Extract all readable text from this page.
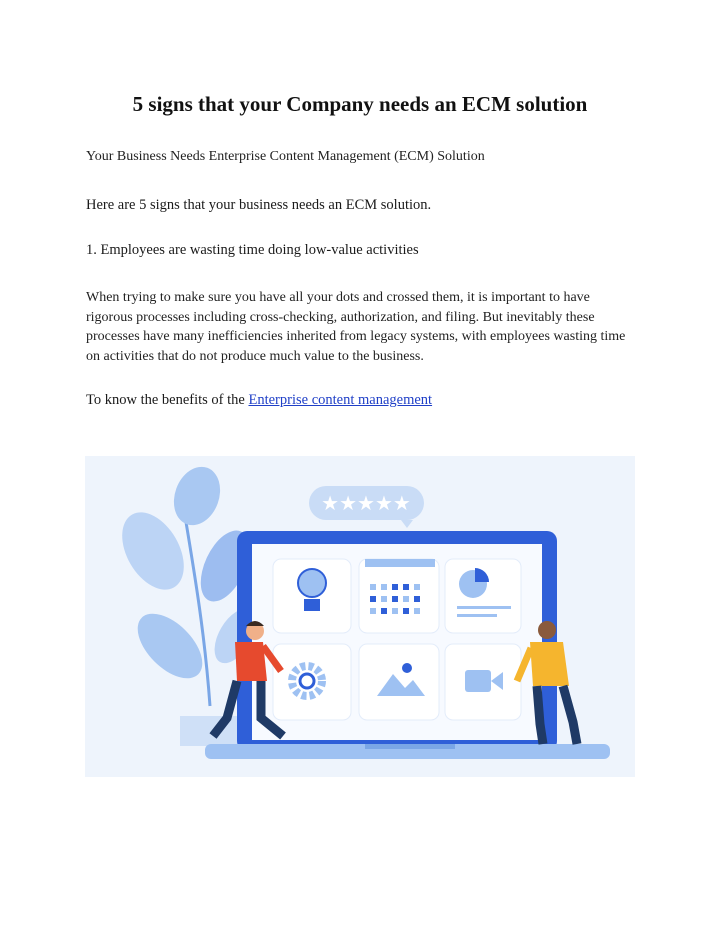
5 signs that your Company needs an ECM solution
Your Business Needs Enterprise Content Management (ECM) Solution
Here are 5 signs that your business needs an ECM solution.
1. Employees are wasting time doing low-value activities
When trying to make sure you have all your dots and crossed them, it is important to have rigorous processes including cross-checking, authorization, and filing. But inevitably these processes have many inefficiencies inherited from legacy systems, with employees wasting time on activities that do not produce much value to the business.
To know the benefits of the Enterprise content management
★★★★★
